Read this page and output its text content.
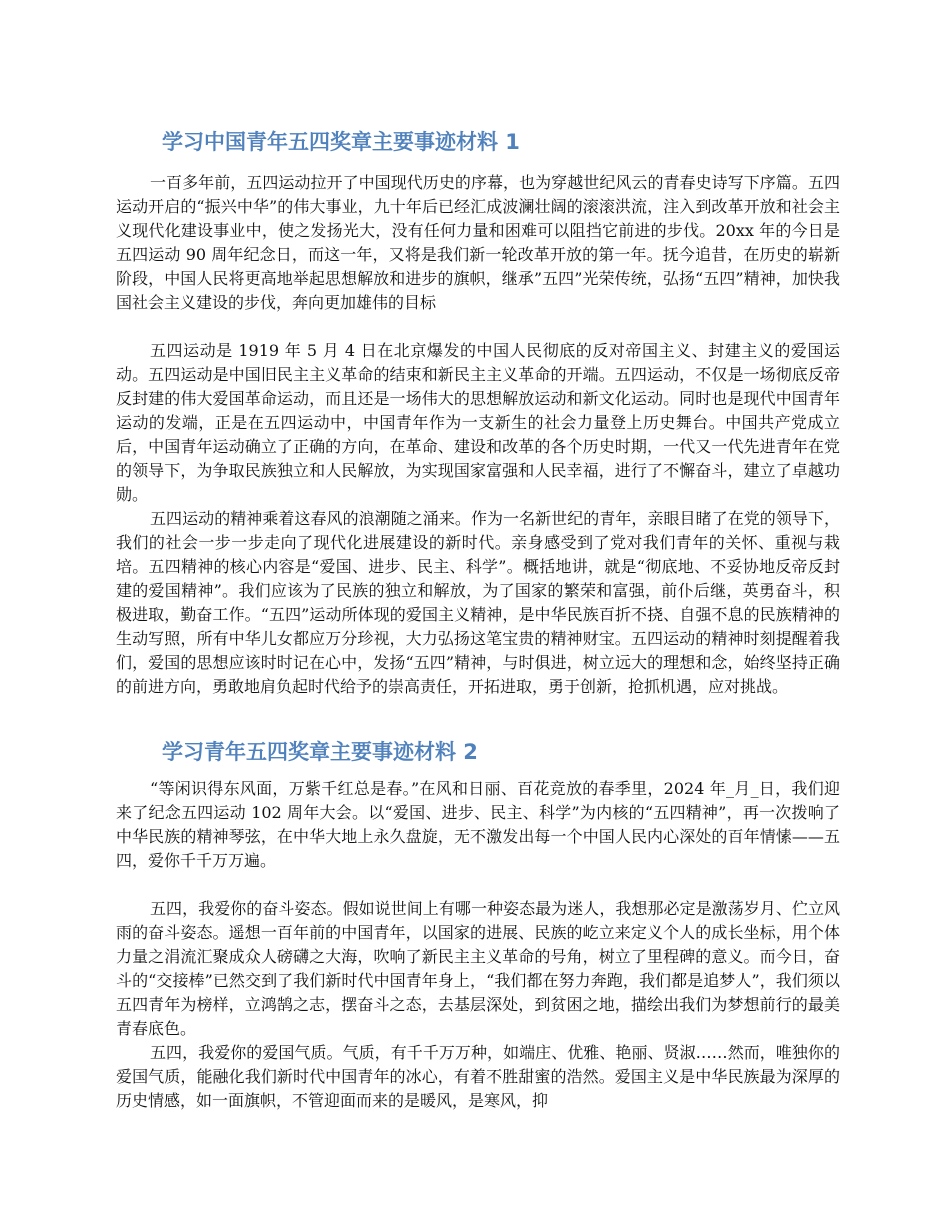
学习中国青年五四奖章主要事迹材料 1

一百多年前，五四运动拉开了中国现代历史的序幕，也为穿越世纪风云的青春史诗写下序篇。五四运动开启的“振兴中华”的伟大事业，九十年后已经汇成波澜壮阔的滚滚洪流，注入到改革开放和社会主义现代化建设事业中，使之发扬光大，没有任何力量和困难可以阻挡它前进的步伐。20xx 年的今日是五四运动 90 周年纪念日，而这一年，又将是我们新一轮改革开放的第一年。抚今追昔，在历史的崭新阶段，中国人民将更高地举起思想解放和进步的旗帜，继承”五四”光荣传统，弘扬“五四”精神，加快我国社会主义建设的步伐，奔向更加雄伟的目标

五四运动是 1919 年 5 月 4 日在北京爆发的中国人民彻底的反对帝国主义、封建主义的爱国运动。五四运动是中国旧民主主义革命的结束和新民主主义革命的开端。五四运动，不仅是一场彻底反帝反封建的伟大爱国革命运动，而且还是一场伟大的思想解放运动和新文化运动。同时也是现代中国青年运动的发端，正是在五四运动中，中国青年作为一支新生的社会力量登上历史舞台。中国共产党成立后，中国青年运动确立了正确的方向，在革命、建设和改革的各个历史时期，一代又一代先进青年在党的领导下，为争取民族独立和人民解放，为实现国家富强和人民幸福，进行了不懈奋斗，建立了卓越功勋。

五四运动的精神乘着这春风的浪潮随之涌来。作为一名新世纪的青年，亲眼目睹了在党的领导下，我们的社会一步一步走向了现代化进展建设的新时代。亲身感受到了党对我们青年的关怀、重视与栽培。五四精神的核心内容是“爱国、进步、民主、科学”。概括地讲，就是“彻底地、不妥协地反帝反封建的爱国精神”。我们应该为了民族的独立和解放，为了国家的繁荣和富强，前仆后继，英勇奋斗，积极进取，勤奋工作。“五四”运动所体现的爱国主义精神，是中华民族百折不挠、自强不息的民族精神的生动写照，所有中华儿女都应万分珍视，大力弘扬这笔宝贵的精神财宝。五四运动的精神时刻提醒着我们，爱国的思想应该时时记在心中，发扬“五四”精神，与时俱进，树立远大的理想和念，始终坚持正确的前进方向，勇敢地肩负起时代给予的崇高责任，开拓进取，勇于创新，抢抓机遇，应对挑战。

学习青年五四奖章主要事迹材料 2

“等闲识得东风面，万紫千红总是春。”在风和日丽、百花竞放的春季里，2024 年_月_日，我们迎来了纪念五四运动 102 周年大会。以“爱国、进步、民主、科学”为内核的“五四精神”，再一次拨响了中华民族的精神琴弦，在中华大地上永久盘旋，无不激发出每一个中国人民内心深处的百年情愫——五四，爱你千千万万遍。

五四，我爱你的奋斗姿态。假如说世间上有哪一种姿态最为迷人，我想那必定是激荡岁月、伫立风雨的奋斗姿态。遥想一百年前的中国青年，以国家的进展、民族的屹立来定义个人的成长坐标，用个体力量之涓流汇聚成众人磅礴之大海，吹响了新民主主义革命的号角，树立了里程碑的意义。而今日，奋斗的“交接棒”已然交到了我们新时代中国青年身上，“我们都在努力奔跑，我们都是追梦人”，我们须以五四青年为榜样，立鸿鹄之志，摆奋斗之态，去基层深处，到贫困之地，描绘出我们为梦想前行的最美青春底色。

五四，我爱你的爱国气质。气质，有千千万万种，如端庄、优雅、艳丽、贤淑……然而，唯独你的爱国气质，能融化我们新时代中国青年的冰心，有着不胜甜蜜的浩然。爱国主义是中华民族最为深厚的历史情感，如一面旗帜，不管迎面而来的是暖风，是寒风，抑
